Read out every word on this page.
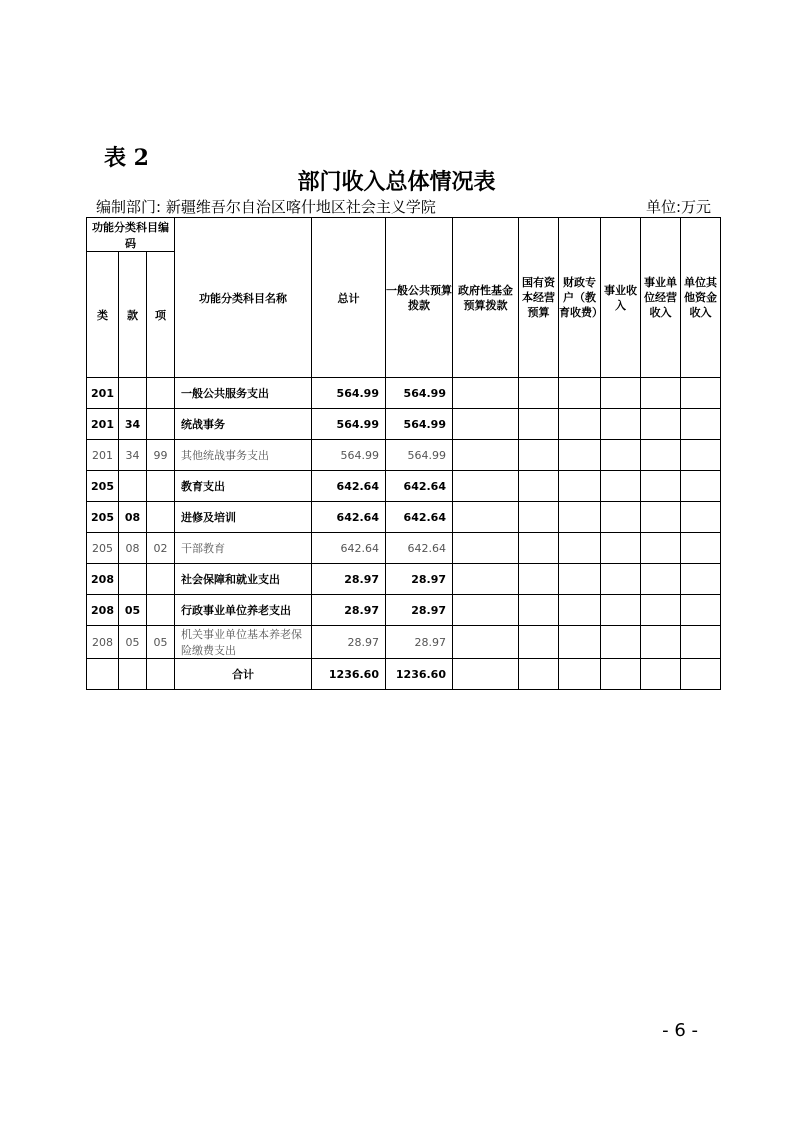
表 2
部门收入总体情况表
编制部门: 新疆维吾尔自治区喀什地区社会主义学院	单位:万元
功能分类科目编码			功能分类科目名称	总计	一般公共预算拨款	政府性基金预算拨款	国有资本经营预算	财政专户（教育收费）	事业收入	事业单位经营收入	单位其他资金收入
类	款	项									
201			一般公共服务支出	564.99	564.99						
201	34		统战事务	564.99	564.99						
201	34	99	其他统战事务支出	564.99	564.99						
205			教育支出	642.64	642.64						
205	08		进修及培训	642.64	642.64						
205	08	02	干部教育	642.64	642.64						
208			社会保障和就业支出	28.97	28.97						
208	05		行政事业单位养老支出	28.97	28.97						
208	05	05	机关事业单位基本养老保险缴费支出	28.97	28.97						
			合计	1236.60	1236.60						
- 6 -
